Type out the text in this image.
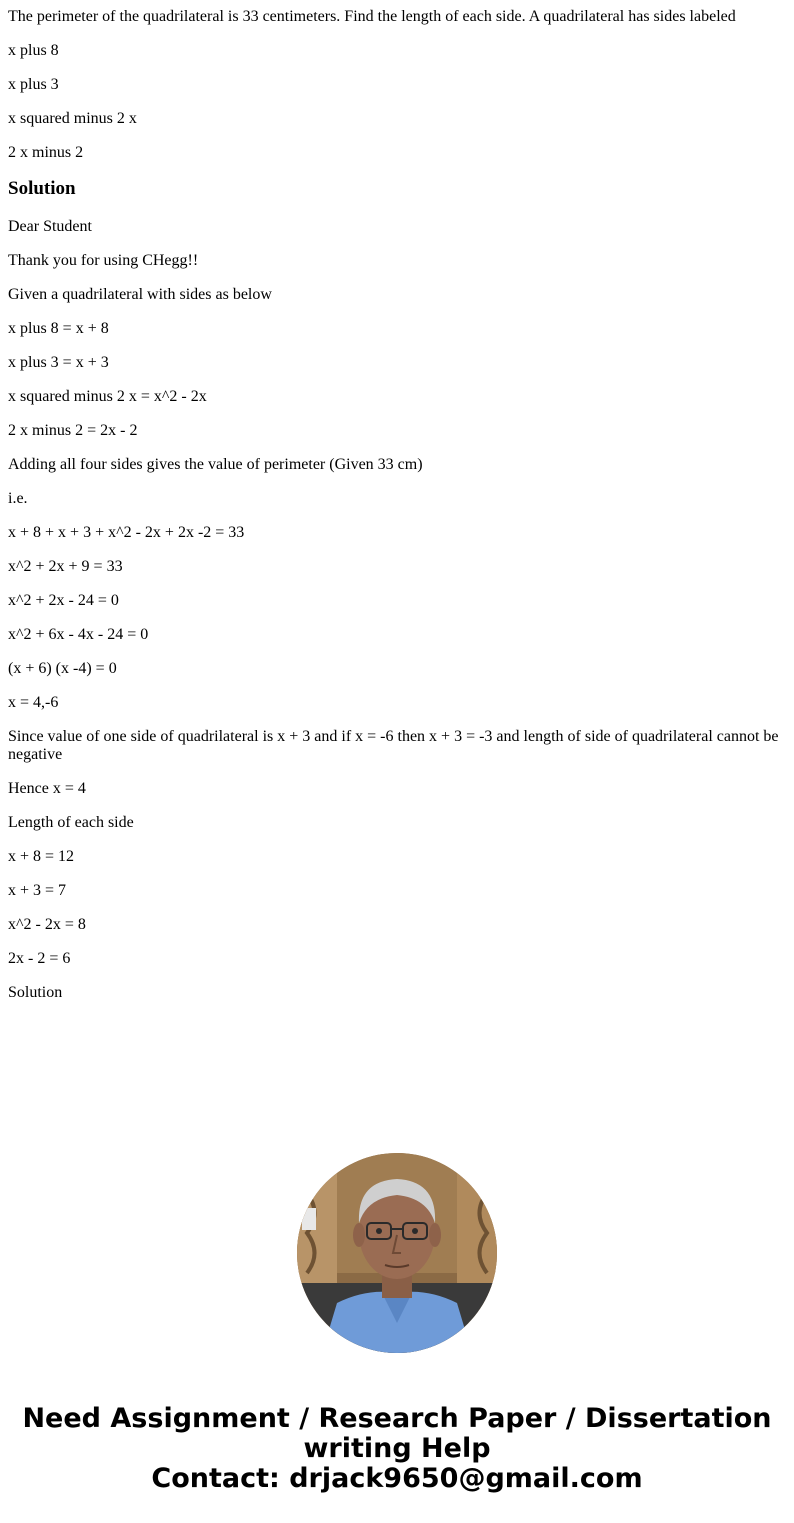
The perimeter of the quadrilateral is 33 centimeters. Find the length of each side. A quadrilateral has sides labeled

x plus 8

x plus 3

x squared minus 2 x

2 x minus 2

Solution

Dear Student

Thank you for using CHegg!!

Given a quadrilateral with sides as below

x plus 8 = x + 8

x plus 3 = x + 3

x squared minus 2 x = x^2 - 2x

2 x minus 2 = 2x - 2

Adding all four sides gives the value of perimeter (Given 33 cm)

i.e.

x + 8 + x + 3 + x^2 - 2x + 2x -2 = 33

x^2 + 2x + 9 = 33

x^2 + 2x - 24 = 0

x^2 + 6x - 4x - 24 = 0

(x + 6) (x -4) = 0

x = 4,-6

Since value of one side of quadrilateral is x + 3 and if x = -6 then x + 3 = -3 and length of side of quadrilateral cannot be negative

Hence x = 4

Length of each side

x + 8 = 12

x + 3 = 7

x^2 - 2x = 8

2x - 2 = 6

Solution

Need Assignment / Research Paper / Dissertation
writing Help
Contact: drjack9650@gmail.com
